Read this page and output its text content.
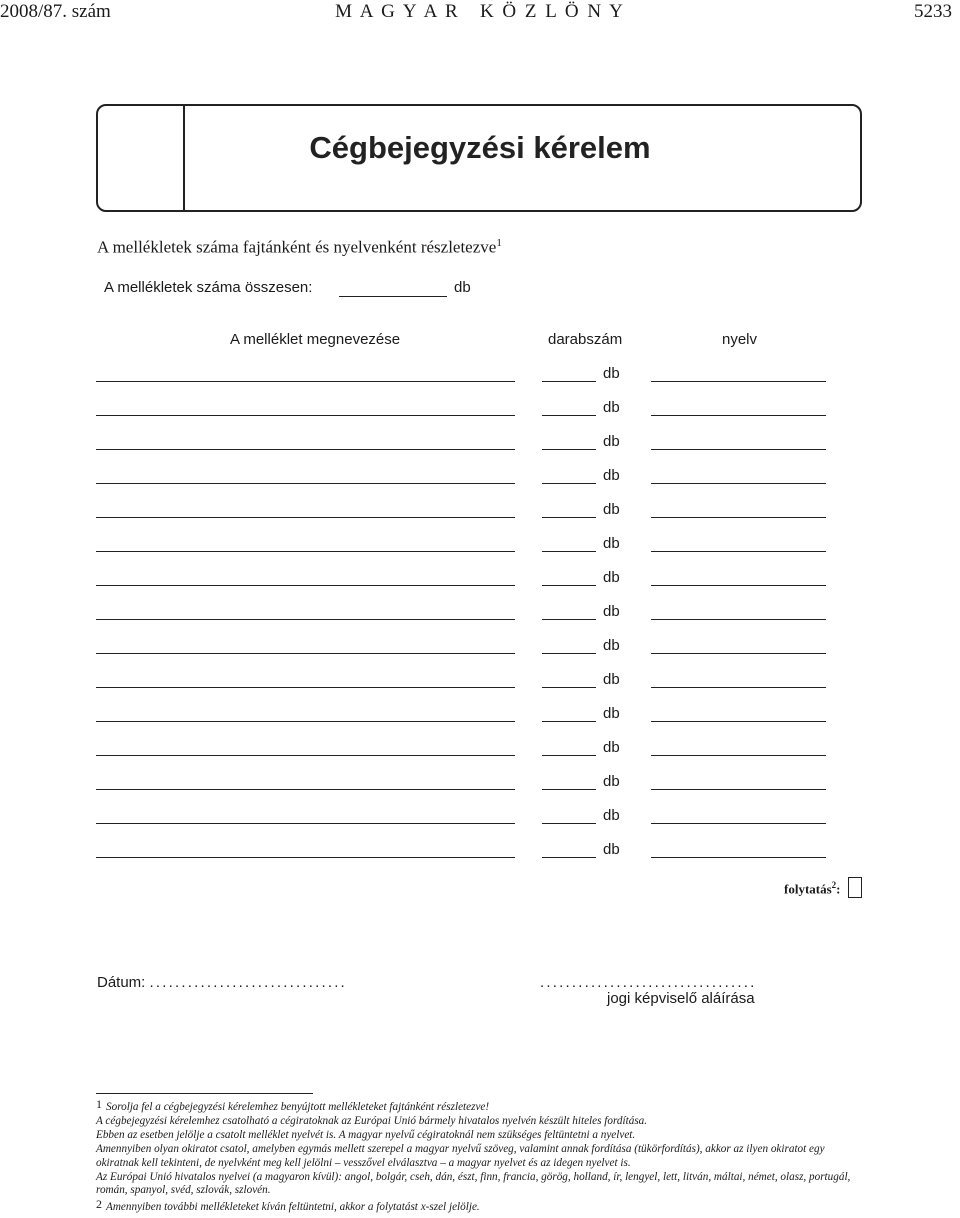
2008/87. szám	M A G Y A R   K Ö Z L Ö N Y	5233
Cégbejegyzési kérelem
A mellékletek száma fajtánként és nyelvenként részletezve$^1$
A mellékletek száma összesen:	db
A melléklet megnevezése	darabszám	nyelv
db
db
db
db
db
db
db
db
db
db
db
db
db
db
db
folytatás$^2$:
Dátum: ...............................	..................................
jogi képviselő aláírása
$^1$ Sorolja fel a cégbejegyzési kérelemhez benyújtott mellékleteket fajtánként részletezve!
A cégbejegyzési kérelemhez csatolható a cégiratoknak az Európai Unió bármely hivatalos nyelvén készült hiteles fordítása.
Ebben az esetben jelölje a csatolt melléklet nyelvét is. A magyar nyelvű cégiratoknál nem szükséges feltüntetni a nyelvet.
Amennyiben olyan okiratot csatol, amelyben egymás mellett szerepel a magyar nyelvű szöveg, valamint annak fordítása (tükörfordítás), akkor az ilyen okiratot egy okiratnak kell tekinteni, de nyelvként meg kell jelölni – vesszővel elválasztva – a magyar nyelvet és az idegen nyelvet is.
Az Európai Unió hivatalos nyelvei (a magyaron kívül): angol, bolgár, cseh, dán, észt, finn, francia, görög, holland, ír, lengyel, lett, litván, máltai, német, olasz, portugál, román, spanyol, svéd, szlovák, szlovén.
$^2$ Amennyiben további mellékleteket kíván feltüntetni, akkor a folytatást x-szel jelölje.
